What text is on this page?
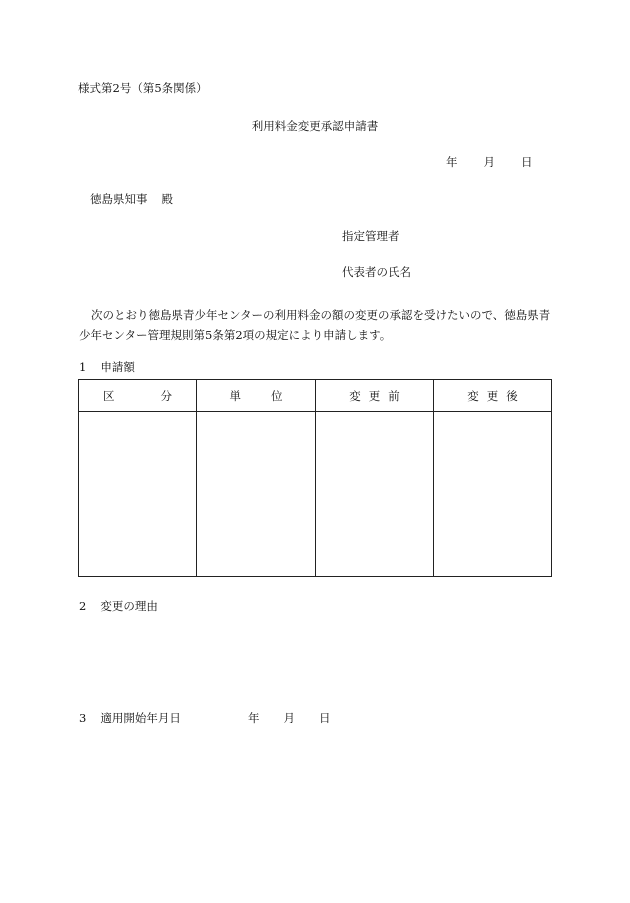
様式第2号（第5条関係）
利用料金変更承認申請書
年 月 日
徳島県知事 殿
指定管理者
代表者の氏名
次のとおり徳島県青少年センターの利用料金の額の変更の承認を受けたいので、徳島県青少年センター管理規則第5条第2項の規定により申請します。
1 申請額
区 分	単 位	変 更 前	変 更 後

2 変更の理由
3 適用開始年月日	年 月 日
